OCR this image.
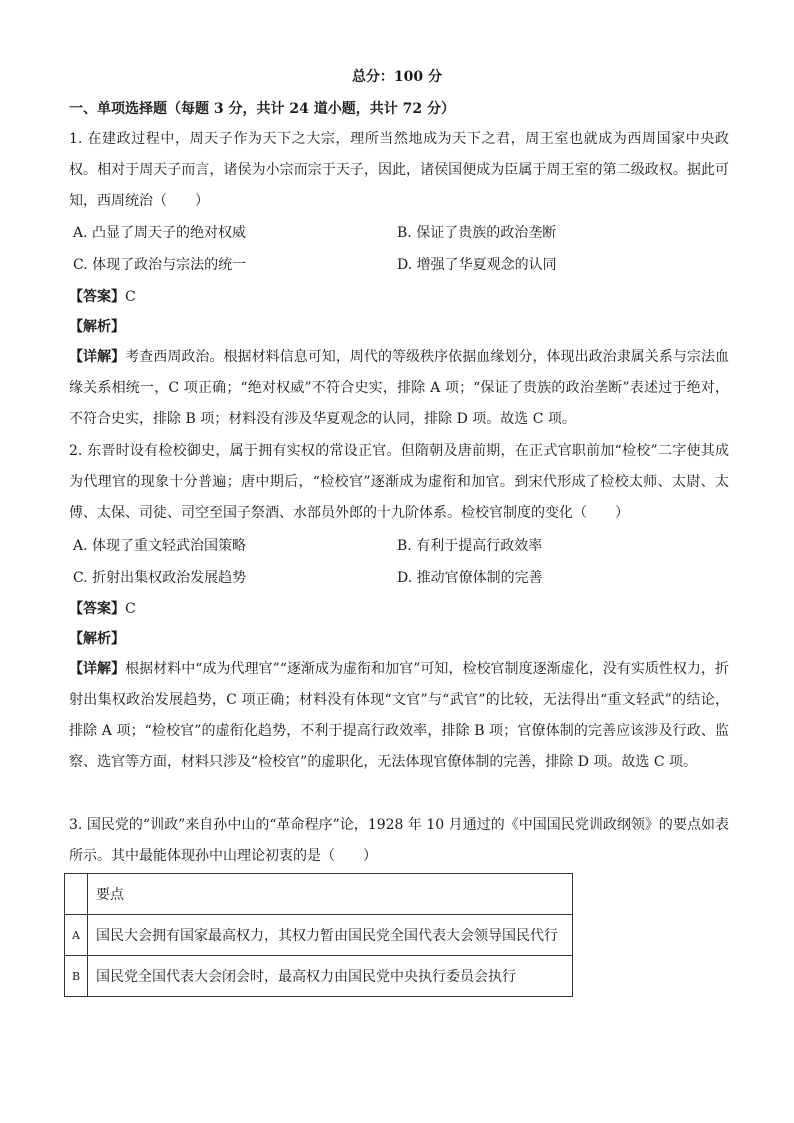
总分：100 分
一、单项选择题（每题 3 分，共计 24 道小题，共计 72 分）

1. 在建政过程中，周天子作为天下之大宗，理所当然地成为天下之君，周王室也就成为西周国家中央政权。相对于周天子而言，诸侯为小宗而宗于天子，因此，诸侯国便成为臣属于周王室的第二级政权。据此可知，西周统治（　　）

A. 凸显了周天子的绝对权威	B. 保证了贵族的政治垄断
C. 体现了政治与宗法的统一	D. 增强了华夏观念的认同
【答案】C
【解析】

【详解】考查西周政治。根据材料信息可知，周代的等级秩序依据血缘划分，体现出政治隶属关系与宗法血缘关系相统一，C 项正确；“绝对权威”不符合史实，排除 A 项；“保证了贵族的政治垄断”表述过于绝对，不符合史实，排除 B 项；材料没有涉及华夏观念的认同，排除 D 项。故选 C 项。

2. 东晋时设有检校御史，属于拥有实权的常设正官。但隋朝及唐前期，在正式官职前加“检校”二字使其成为代理官的现象十分普遍；唐中期后，“检校官”逐渐成为虚衔和加官。到宋代形成了检校太师、太尉、太傅、太保、司徒、司空至国子祭酒、水部员外郎的十九阶体系。检校官制度的变化（　　）

A. 体现了重文轻武治国策略	B. 有利于提高行政效率
C. 折射出集权政治发展趋势	D. 推动官僚体制的完善
【答案】C
【解析】

【详解】根据材料中“成为代理官”“逐渐成为虚衔和加官”可知，检校官制度逐渐虚化，没有实质性权力，折射出集权政治发展趋势，C 项正确；材料没有体现“文官”与“武官”的比较，无法得出“重文轻武”的结论，排除 A 项；“检校官”的虚衔化趋势，不利于提高行政效率，排除 B 项；官僚体制的完善应该涉及行政、监察、选官等方面，材料只涉及“检校官”的虚职化，无法体现官僚体制的完善，排除 D 项。故选 C 项。

3. 国民党的“训政”来自孙中山的“革命程序”论，1928 年 10 月通过的《中国国民党训政纲领》的要点如表所示。其中最能体现孙中山理论初衷的是（　　）

	要点
A	国民大会拥有国家最高权力，其权力暂由国民党全国代表大会领导国民代行
B	国民党全国代表大会闭会时，最高权力由国民党中央执行委员会执行
